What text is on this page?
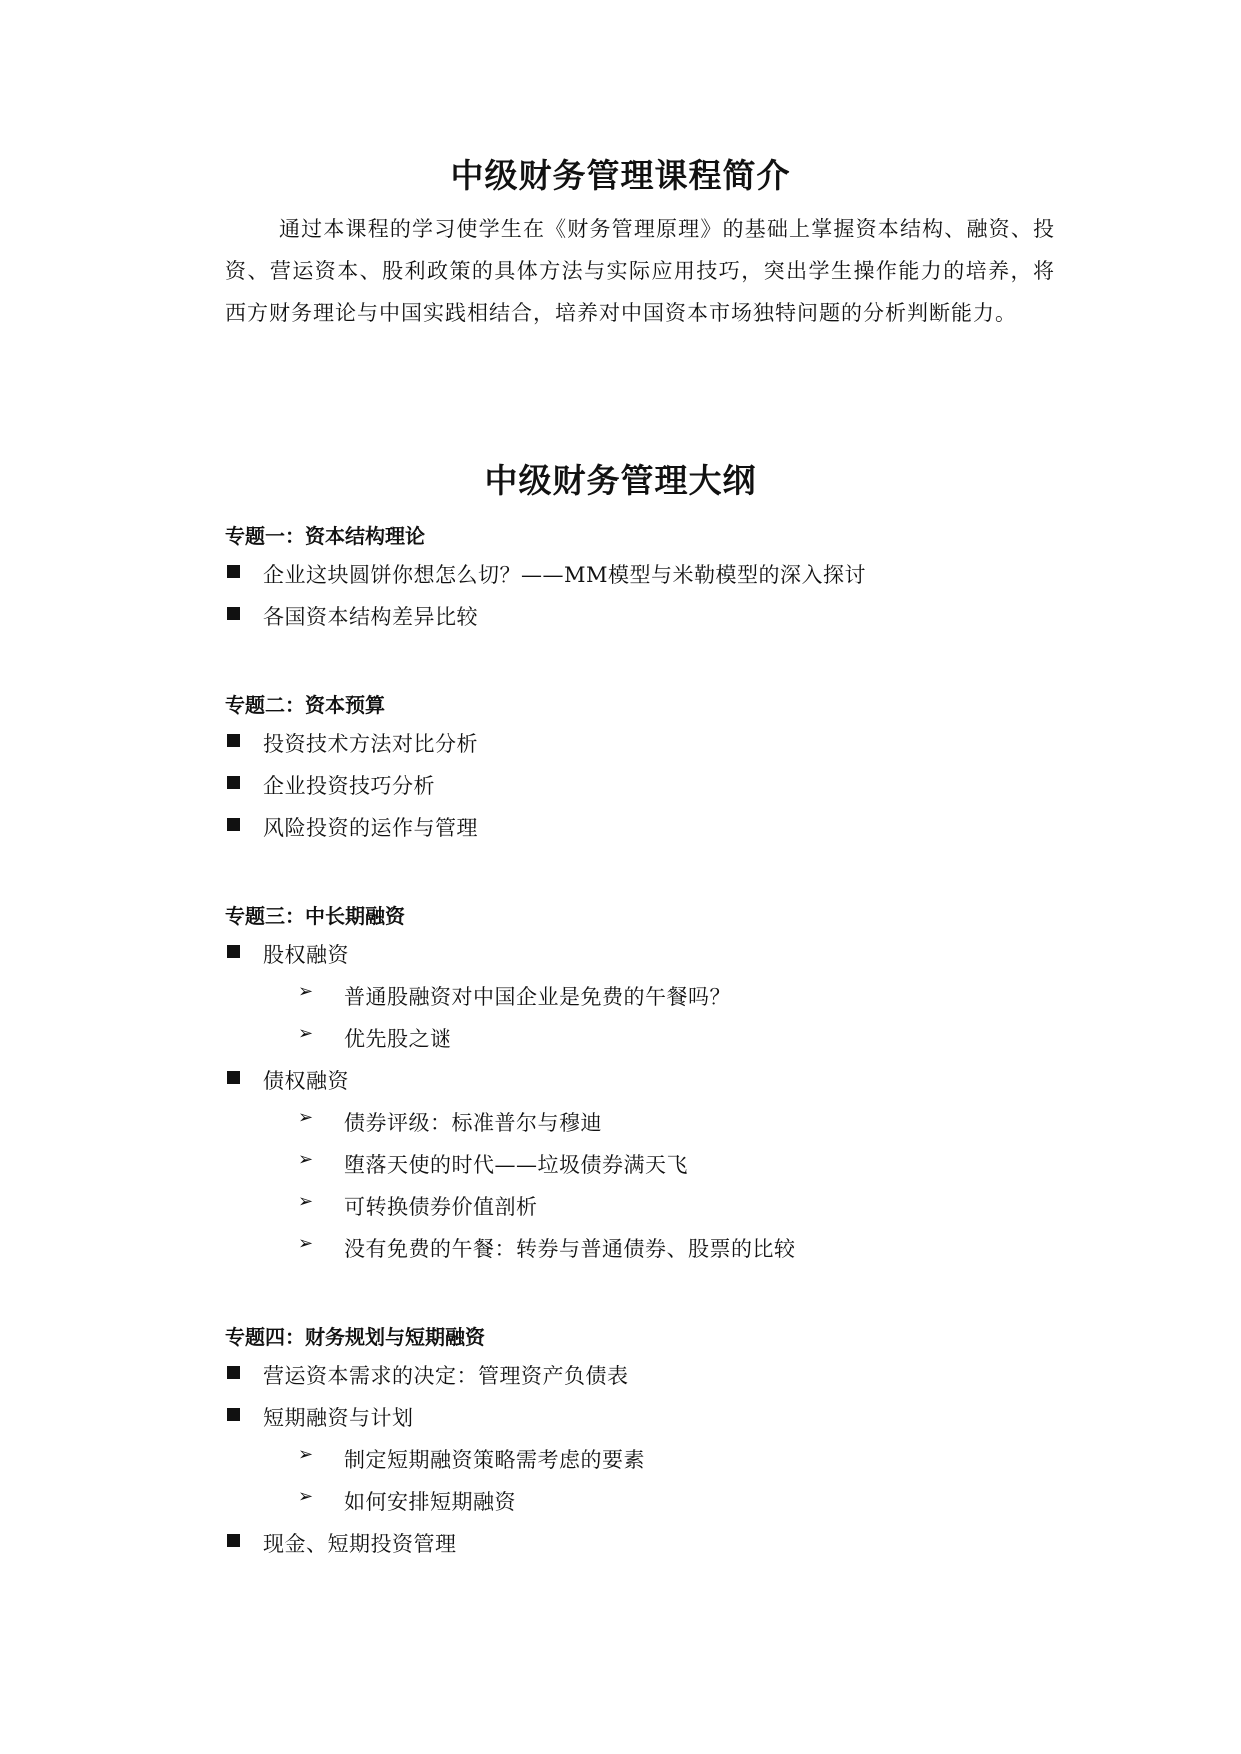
中级财务管理课程简介

通过本课程的学习使学生在《财务管理原理》的基础上掌握资本结构、融资、投资、营运资本、股利政策的具体方法与实际应用技巧，突出学生操作能力的培养，将西方财务理论与中国实践相结合，培养对中国资本市场独特问题的分析判断能力。

中级财务管理大纲
专题一：资本结构理论
企业这块圆饼你想怎么切？——MM模型与米勒模型的深入探讨
各国资本结构差异比较
专题二：资本预算
投资技术方法对比分析
企业投资技巧分析
风险投资的运作与管理
专题三：中长期融资
股权融资
➢ 普通股融资对中国企业是免费的午餐吗？
➢ 优先股之谜
债权融资
➢ 债券评级：标准普尔与穆迪
➢ 堕落天使的时代——垃圾债券满天飞
➢ 可转换债券价值剖析
➢ 没有免费的午餐：转券与普通债券、股票的比较
专题四：财务规划与短期融资
营运资本需求的决定：管理资产负债表
短期融资与计划
➢ 制定短期融资策略需考虑的要素
➢ 如何安排短期融资
现金、短期投资管理
